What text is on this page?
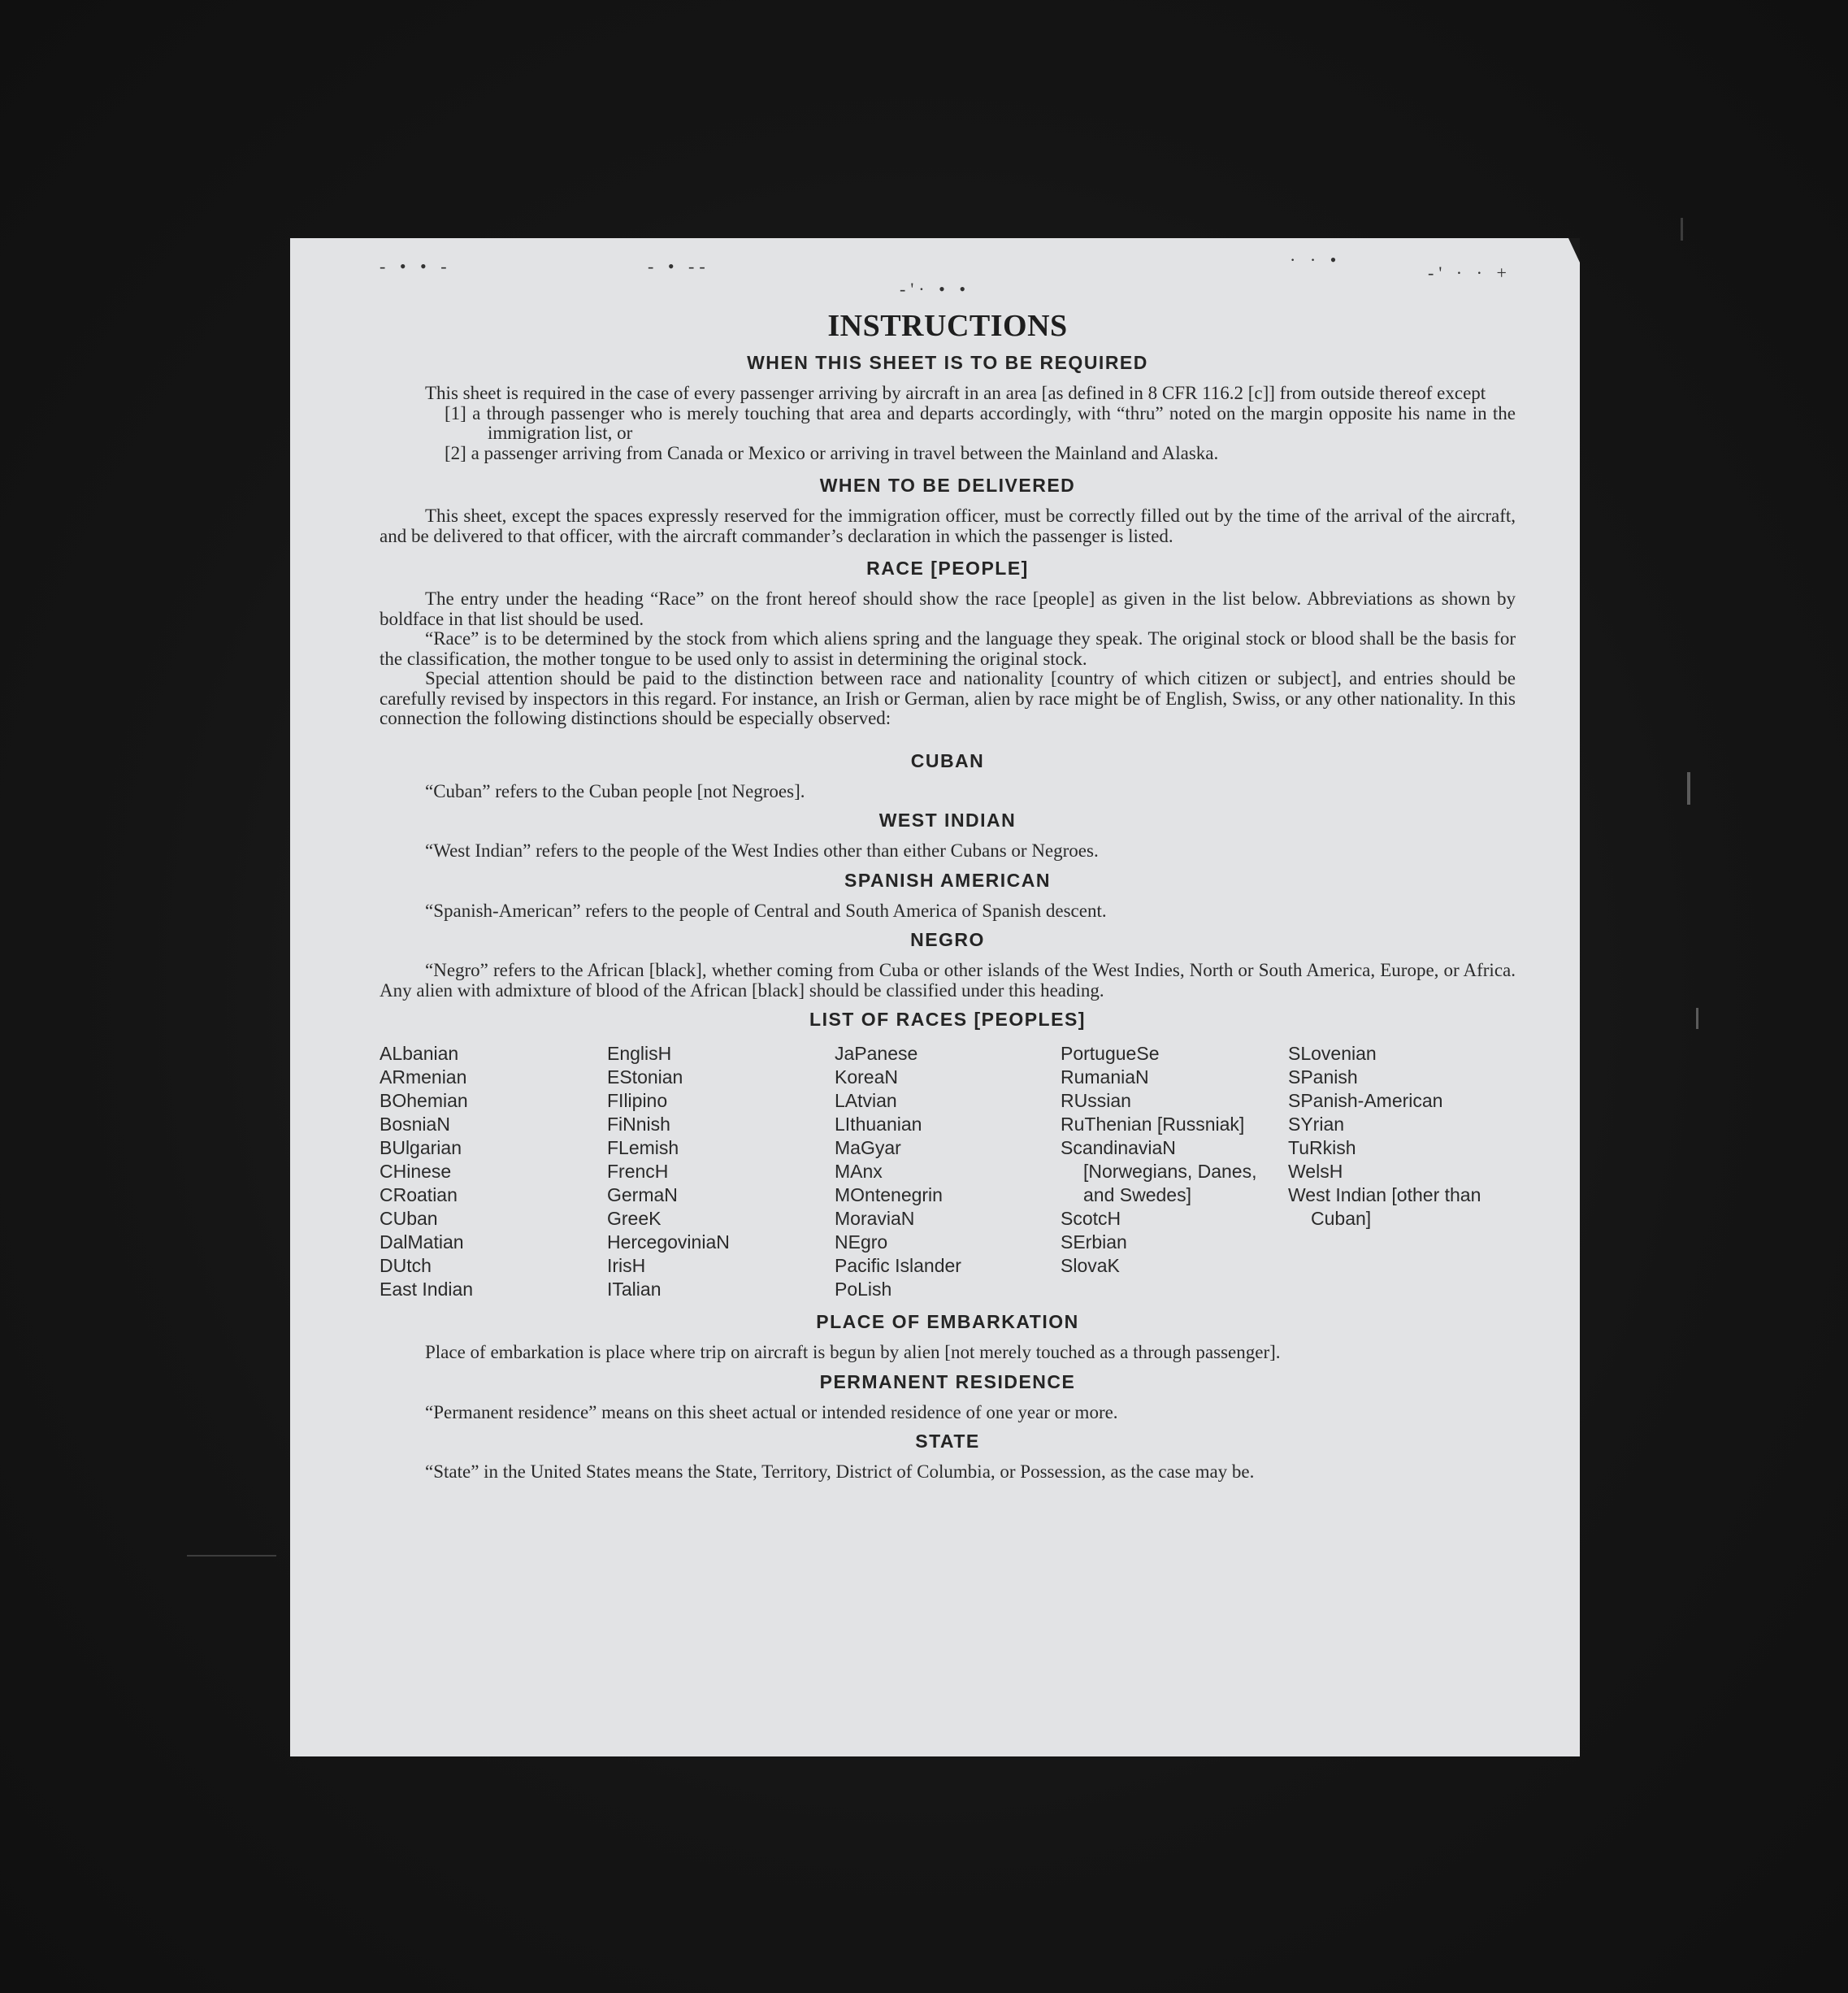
- • • -	- • --
-'· • •
· · •
-' · · +
INSTRUCTIONS
WHEN THIS SHEET IS TO BE REQUIRED

This sheet is required in the case of every passenger arriving by aircraft in an area [as defined in 8 CFR 116.2 [c]] from outside thereof except

[1] a through passenger who is merely touching that area and departs accordingly, with “thru” noted on the margin opposite his name in the immigration list, or

[2] a passenger arriving from Canada or Mexico or arriving in travel between the Mainland and Alaska.

WHEN TO BE DELIVERED

This sheet, except the spaces expressly reserved for the immigration officer, must be correctly filled out by the time of the arrival of the aircraft, and be delivered to that officer, with the aircraft commander’s declaration in which the passenger is listed.

RACE [PEOPLE]

The entry under the heading “Race” on the front hereof should show the race [people] as given in the list below. Abbreviations as shown by boldface in that list should be used.

“Race” is to be determined by the stock from which aliens spring and the language they speak. The original stock or blood shall be the basis for the classification, the mother tongue to be used only to assist in determining the original stock.

Special attention should be paid to the distinction between race and nationality [country of which citizen or subject], and entries should be carefully revised by inspectors in this regard. For instance, an Irish or German, alien by race might be of English, Swiss, or any other nationality. In this connection the following distinctions should be especially observed:

CUBAN

“Cuban” refers to the Cuban people [not Negroes].

WEST INDIAN

“West Indian” refers to the people of the West Indies other than either Cubans or Negroes.

SPANISH AMERICAN

“Spanish-American” refers to the people of Central and South America of Spanish descent.

NEGRO

“Negro” refers to the African [black], whether coming from Cuba or other islands of the West Indies, North or South America, Europe, or Africa. Any alien with admixture of blood of the African [black] should be classified under this heading.

LIST OF RACES [PEOPLES]
ALbanian
ARmenian
BOhemian
BosniaN
BUlgarian
CHinese
CRoatian
CUban
DalMatian
DUtch
East Indian
EnglisH
EStonian
FIlipino
FiNnish
FLemish
FrencH
GermaN
GreeK
HercegoviniaN
IrisH
ITalian
JaPanese
KoreaN
LAtvian
LIthuanian
MaGyar
MAnx
MOntenegrin
MoraviaN
NEgro
Pacific Islander
PoLish
PortugueSe
RumaniaN
RUssian
RuThenian [Russniak]
ScandinaviaN [Norwegians, Danes, and Swedes]
ScotcH
SErbian
SlovaK
SLovenian
SPanish
SPanish-American
SYrian
TuRkish
WelsH
West Indian [other than Cuban]
PLACE OF EMBARKATION

Place of embarkation is place where trip on aircraft is begun by alien [not merely touched as a through passenger].

PERMANENT RESIDENCE

“Permanent residence” means on this sheet actual or intended residence of one year or more.

STATE

“State” in the United States means the State, Territory, District of Columbia, or Possession, as the case may be.
